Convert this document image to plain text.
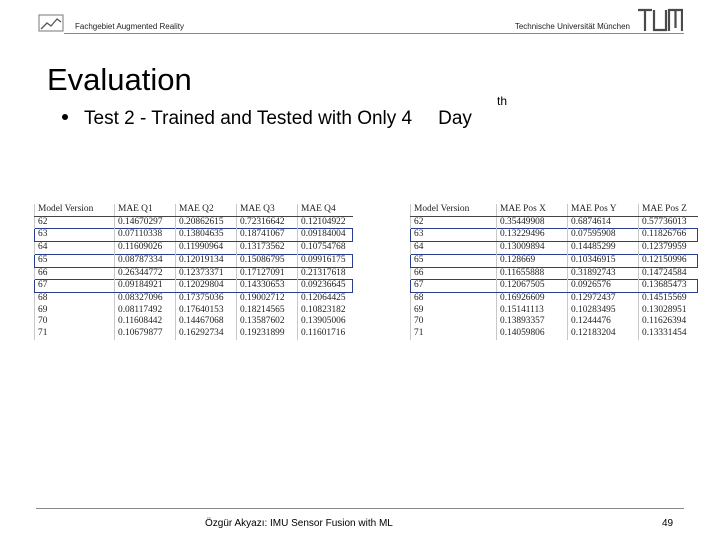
Fachgebiet Augmented Reality	Technische Universität München
Evaluation
th
Test 2 - Trained and Tested with Only 4 Day
Model Version	MAE Q1	MAE Q2	MAE Q3	MAE Q4
62	0.14670297	0.20862615	0.72316642	0.12104922
63	0.07110338	0.13804635	0.18741067	0.09184004
64	0.11609026	0.11990964	0.13173562	0.10754768
65	0.08787334	0.12019134	0.15086795	0.09916175
66	0.26344772	0.12373371	0.17127091	0.21317618
67	0.09184921	0.12029804	0.14330653	0.09236645
68	0.08327096	0.17375036	0.19002712	0.12064425
69	0.08117492	0.17640153	0.18214565	0.10823182
70	0.11608442	0.14467068	0.13587602	0.13905006
71	0.10679877	0.16292734	0.19231899	0.11601716
Model Version	MAE Pos X	MAE Pos Y	MAE Pos Z
62	0.35449908	0.6874614	0.57736013
63	0.13229496	0.07595908	0.11826766
64	0.13009894	0.14485299	0.12379959
65	0.128669	0.10346915	0.12150996
66	0.11655888	0.31892743	0.14724584
67	0.12067505	0.0926576	0.13685473
68	0.16926609	0.12972437	0.14515569
69	0.15141113	0.10283495	0.13028951
70	0.13893357	0.1244476	0.11626394
71	0.14059806	0.12183204	0.13331454
Özgür Akyazı: IMU Sensor Fusion with ML	49
